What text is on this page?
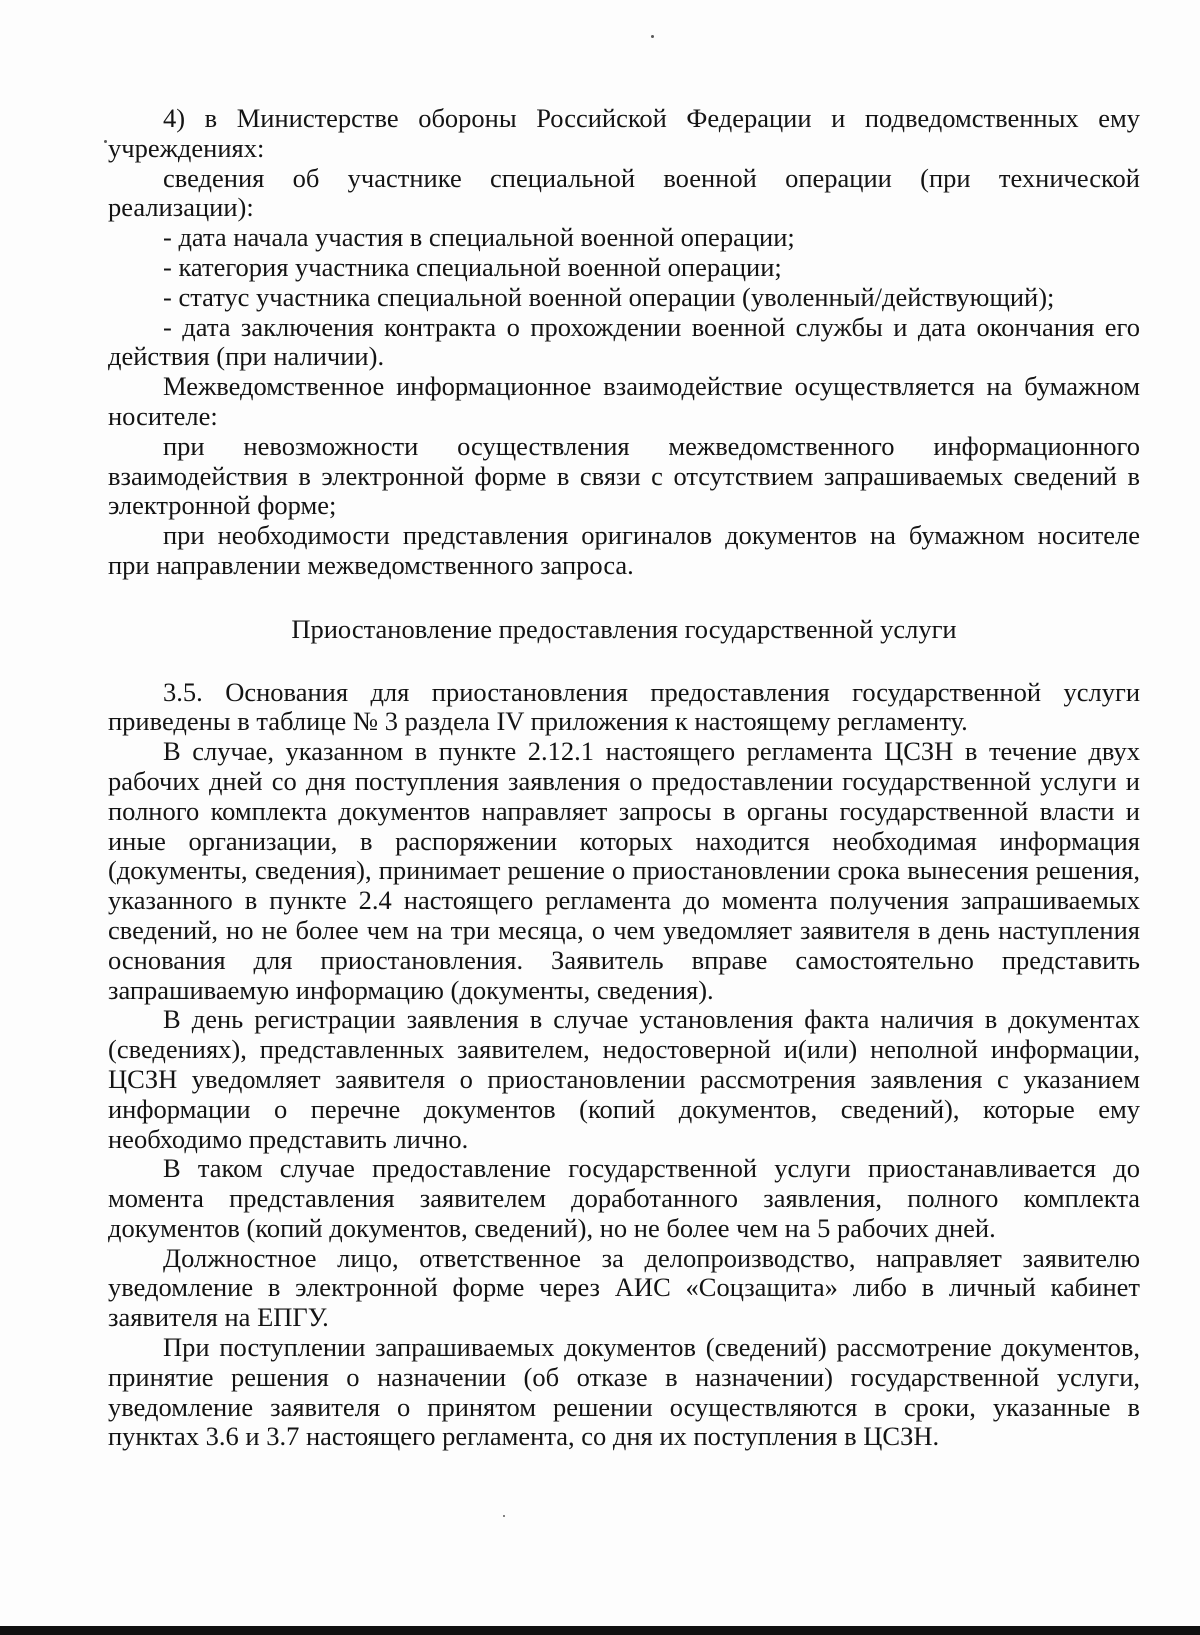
4) в Министерстве обороны Российской Федерации и подведомственных ему учреждениях:

сведения об участнике специальной военной операции (при технической реализации):

- дата начала участия в специальной военной операции;

- категория участника специальной военной операции;

- статус участника специальной военной операции (уволенный/действующий);

- дата заключения контракта о прохождении военной службы и дата окончания его действия (при наличии).

Межведомственное информационное взаимодействие осуществляется на бумажном носителе:

при невозможности осуществления межведомственного информационного взаимодействия в электронной форме в связи с отсутствием запрашиваемых сведений в электронной форме;

при необходимости представления оригиналов документов на бумажном носителе при направлении межведомственного запроса.

Приостановление предоставления государственной услуги

3.5. Основания для приостановления предоставления государственной услуги приведены в таблице № 3 раздела IV приложения к настоящему регламенту.

В случае, указанном в пункте 2.12.1 настоящего регламента ЦСЗН в течение двух рабочих дней со дня поступления заявления о предоставлении государственной услуги и полного комплекта документов направляет запросы в органы государственной власти и иные организации, в распоряжении которых находится необходимая информация (документы, сведения), принимает решение о приостановлении срока вынесения решения, указанного в пункте 2.4 настоящего регламента до момента получения запрашиваемых сведений, но не более чем на три месяца, о чем уведомляет заявителя в день наступления основания для приостановления. Заявитель вправе самостоятельно представить запрашиваемую информацию (документы, сведения).

В день регистрации заявления в случае установления факта наличия в документах (сведениях), представленных заявителем, недостоверной и(или) неполной информации, ЦСЗН уведомляет заявителя о приостановлении рассмотрения заявления с указанием информации о перечне документов (копий документов, сведений), которые ему необходимо представить лично.

В таком случае предоставление государственной услуги приостанавливается до момента представления заявителем доработанного заявления, полного комплекта документов (копий документов, сведений), но не более чем на 5 рабочих дней.

Должностное лицо, ответственное за делопроизводство, направляет заявителю уведомление в электронной форме через АИС «Соцзащита» либо в личный кабинет заявителя на ЕПГУ.

При поступлении запрашиваемых документов (сведений) рассмотрение документов, принятие решения о назначении (об отказе в назначении) государственной услуги, уведомление заявителя о принятом решении осуществляются в сроки, указанные в пунктах 3.6 и 3.7 настоящего регламента, со дня их поступления в ЦСЗН.
